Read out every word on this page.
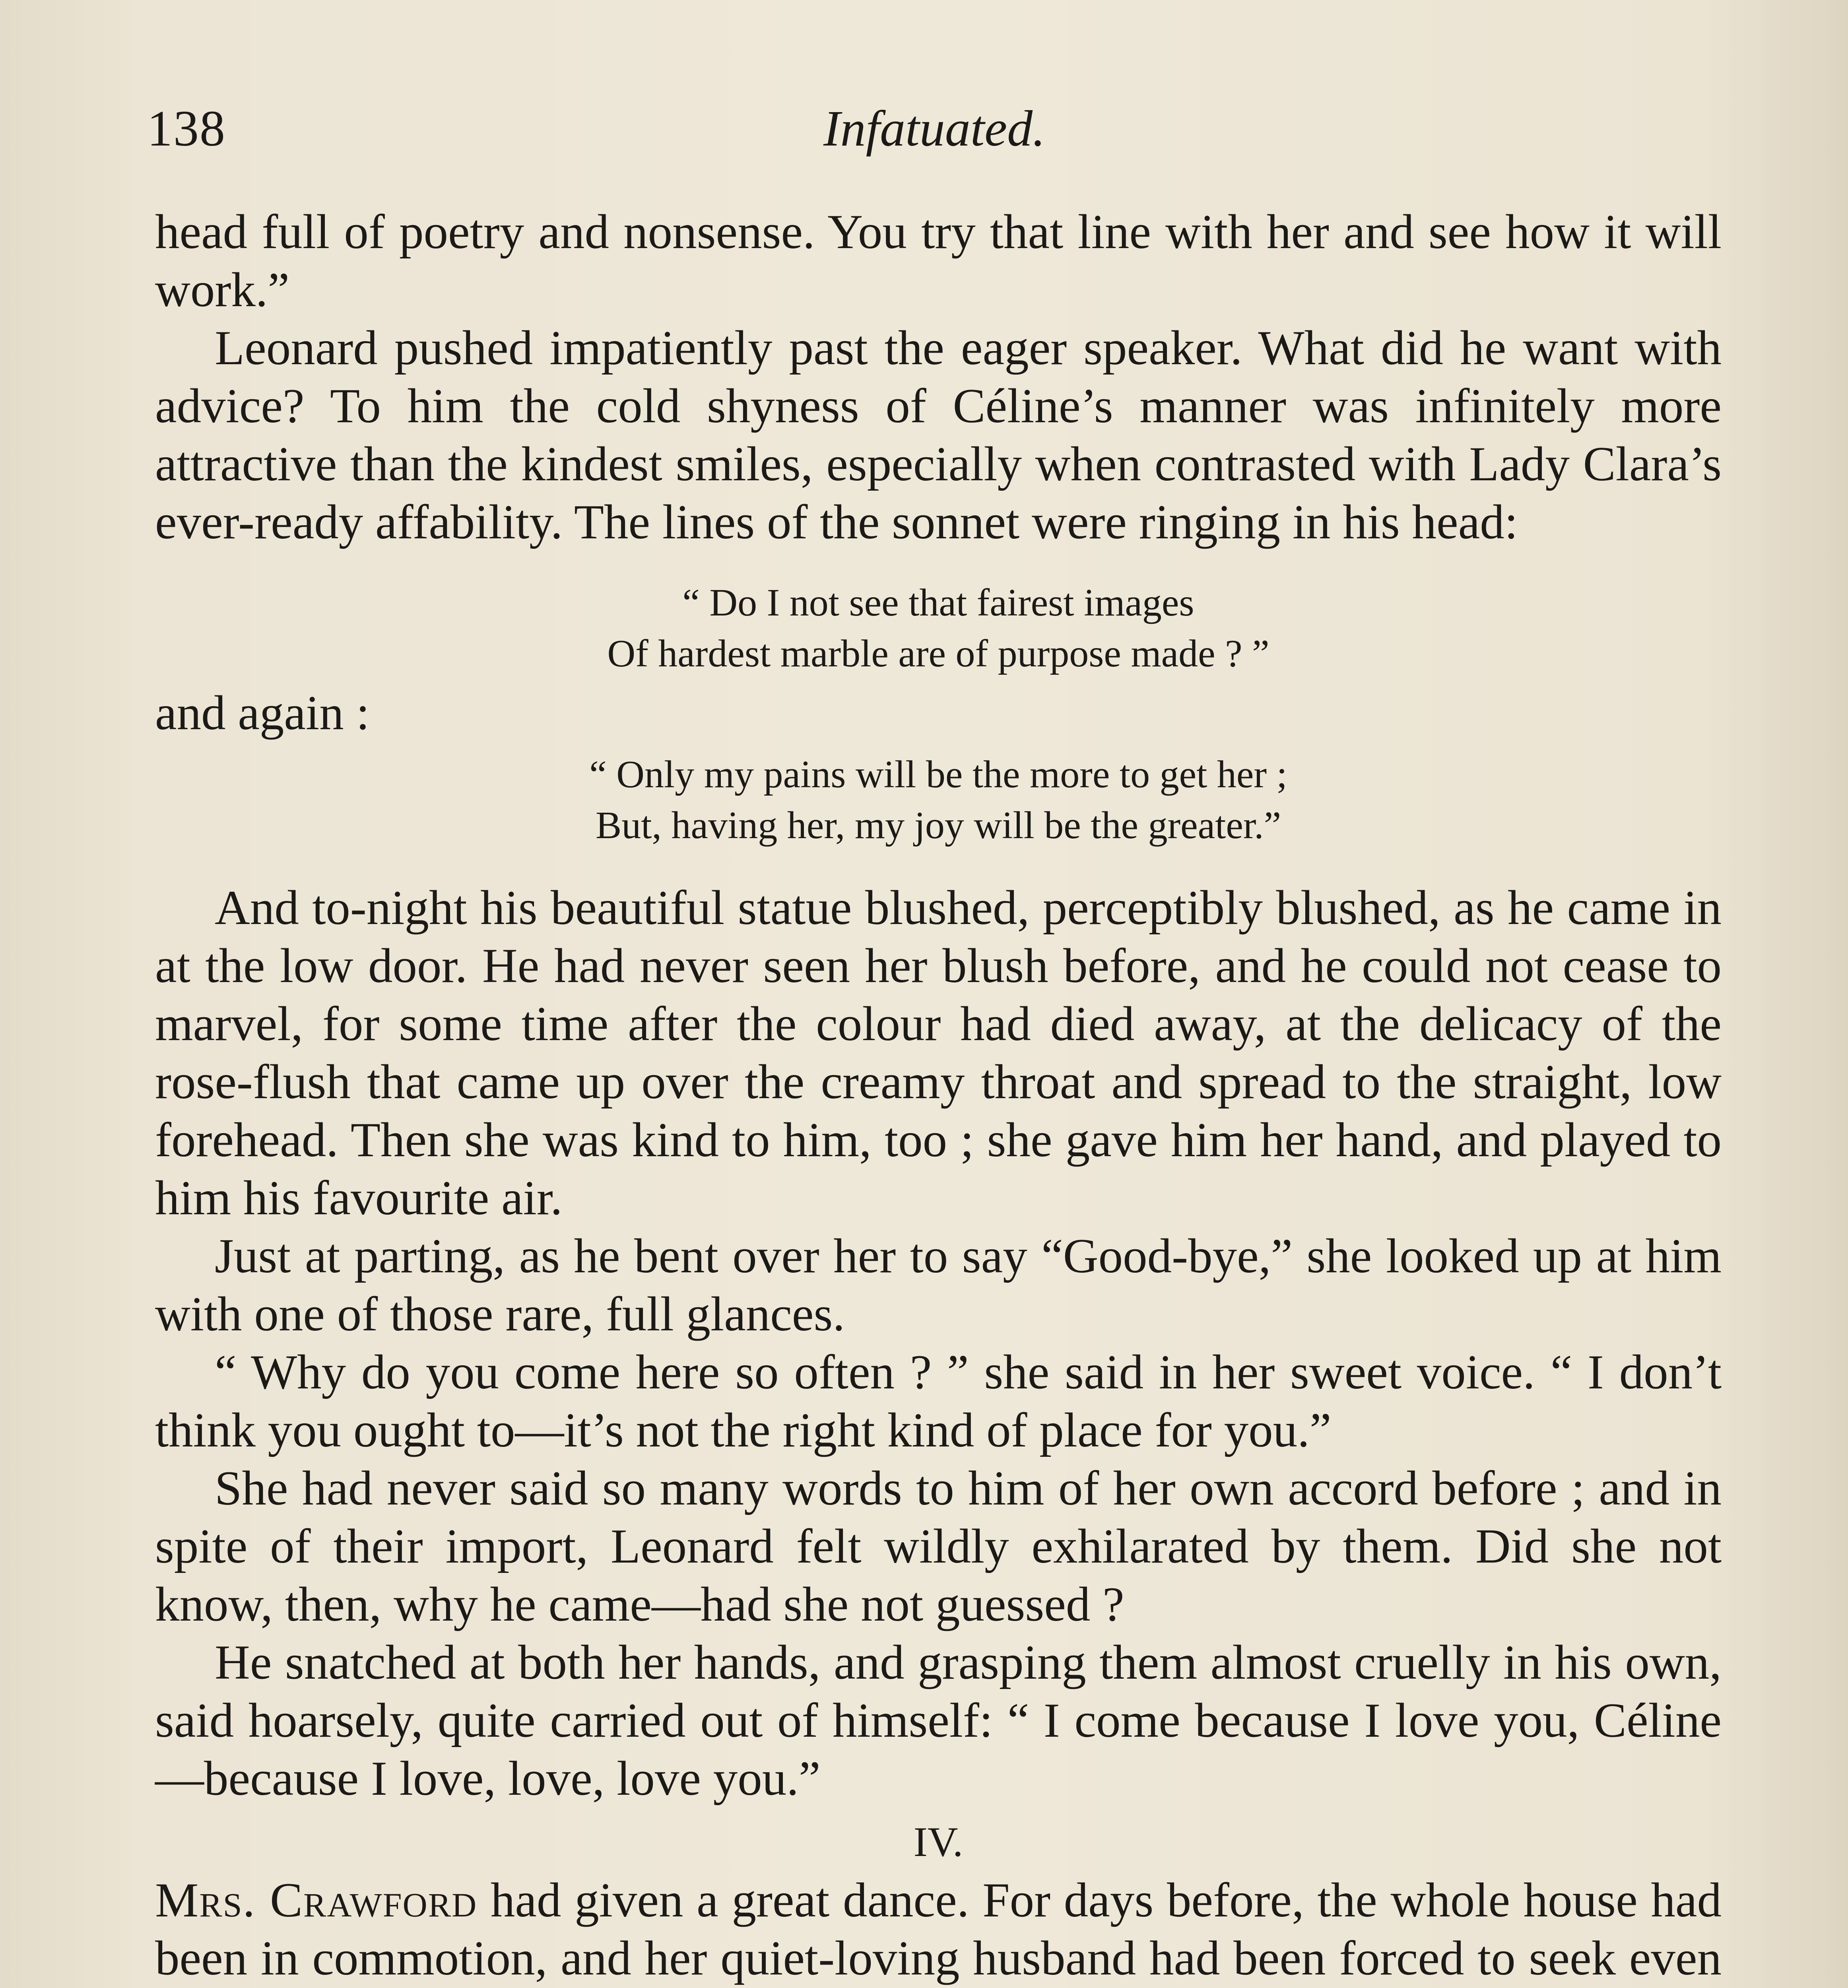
138	Infatuated.

head full of poetry and nonsense. You try that line with her and see how it will work.”

Leonard pushed impatiently past the eager speaker. What did he want with advice? To him the cold shyness of Céline’s manner was infinitely more attractive than the kindest smiles, especially when contrasted with Lady Clara’s ever-ready affability. The lines of the sonnet were ringing in his head:

“ Do I not see that fairest images
Of hardest marble are of purpose made ? ”

and again :

“ Only my pains will be the more to get her ;
But, having her, my joy will be the greater.”

And to-night his beautiful statue blushed, perceptibly blushed, as he came in at the low door. He had never seen her blush before, and he could not cease to marvel, for some time after the colour had died away, at the delicacy of the rose-flush that came up over the creamy throat and spread to the straight, low forehead. Then she was kind to him, too ; she gave him her hand, and played to him his favourite air.

Just at parting, as he bent over her to say “Good-bye,” she looked up at him with one of those rare, full glances.

“ Why do you come here so often ? ” she said in her sweet voice. “ I don’t think you ought to—it’s not the right kind of place for you.”

She had never said so many words to him of her own accord before ; and in spite of their import, Leonard felt wildly exhilarated by them. Did she not know, then, why he came—had she not guessed ?

He snatched at both her hands, and grasping them almost cruelly in his own, said hoarsely, quite carried out of himself: “ I come because I love you, Céline—because I love, love, love you.”

IV.

Mrs. Crawford had given a great dance. For days before, the whole house had been in commotion, and her quiet-loving husband had been forced to seek even
